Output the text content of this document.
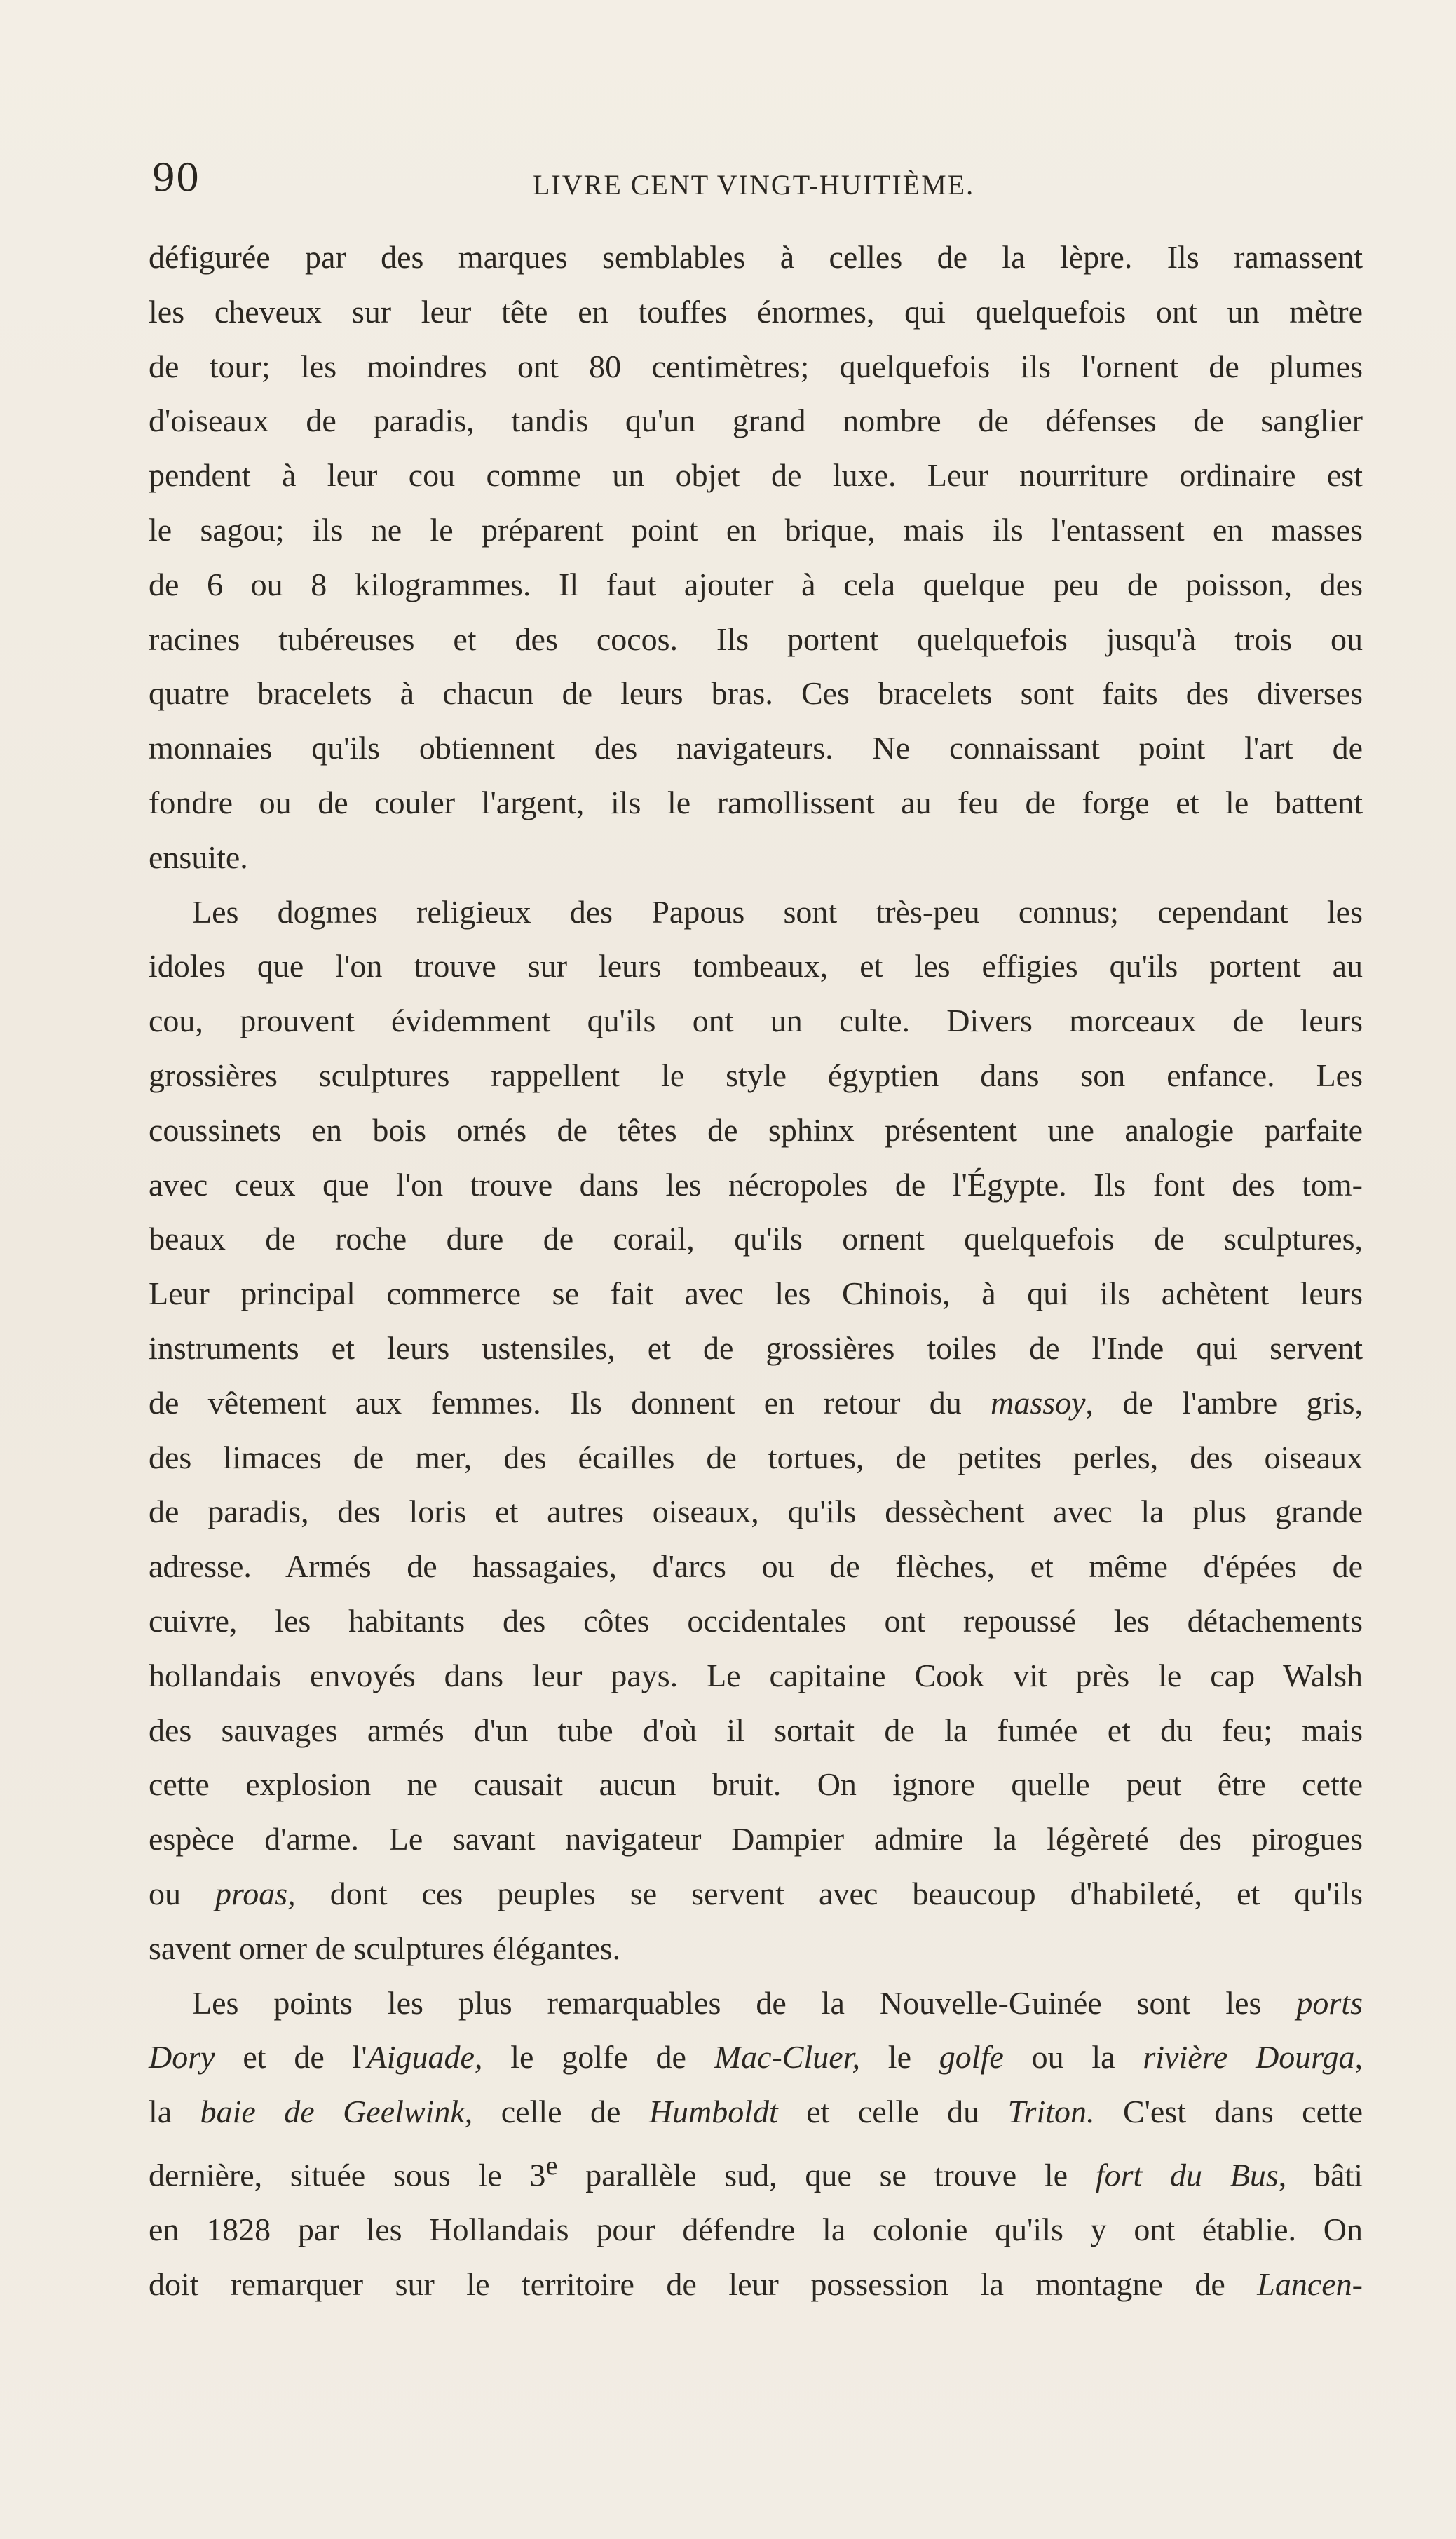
90	LIVRE CENT VINGT-HUITIÈME.
défigurée par des marques semblables à celles de la lèpre. Ils ramassent
les cheveux sur leur tête en touffes énormes, qui quelquefois ont un mètre
de tour; les moindres ont 80 centimètres; quelquefois ils l'ornent de plumes
d'oiseaux de paradis, tandis qu'un grand nombre de défenses de sanglier
pendent à leur cou comme un objet de luxe. Leur nourriture ordinaire est
le sagou; ils ne le préparent point en brique, mais ils l'entassent en masses
de 6 ou 8 kilogrammes. Il faut ajouter à cela quelque peu de poisson, des
racines tubéreuses et des cocos. Ils portent quelquefois jusqu'à trois ou
quatre bracelets à chacun de leurs bras. Ces bracelets sont faits des diverses
monnaies qu'ils obtiennent des navigateurs. Ne connaissant point l'art de
fondre ou de couler l'argent, ils le ramollissent au feu de forge et le battent
ensuite.
Les dogmes religieux des Papous sont très-peu connus; cependant les
idoles que l'on trouve sur leurs tombeaux, et les effigies qu'ils portent au
cou, prouvent évidemment qu'ils ont un culte. Divers morceaux de leurs
grossières sculptures rappellent le style égyptien dans son enfance. Les
coussinets en bois ornés de têtes de sphinx présentent une analogie parfaite
avec ceux que l'on trouve dans les nécropoles de l'Égypte. Ils font des tom-
beaux de roche dure de corail, qu'ils ornent quelquefois de sculptures,
Leur principal commerce se fait avec les Chinois, à qui ils achètent leurs
instruments et leurs ustensiles, et de grossières toiles de l'Inde qui servent
de vêtement aux femmes. Ils donnent en retour du massoy, de l'ambre gris,
des limaces de mer, des écailles de tortues, de petites perles, des oiseaux
de paradis, des loris et autres oiseaux, qu'ils dessèchent avec la plus grande
adresse. Armés de hassagaies, d'arcs ou de flèches, et même d'épées de
cuivre, les habitants des côtes occidentales ont repoussé les détachements
hollandais envoyés dans leur pays. Le capitaine Cook vit près le cap Walsh
des sauvages armés d'un tube d'où il sortait de la fumée et du feu; mais
cette explosion ne causait aucun bruit. On ignore quelle peut être cette
espèce d'arme. Le savant navigateur Dampier admire la légèreté des pirogues
ou proas, dont ces peuples se servent avec beaucoup d'habileté, et qu'ils
savent orner de sculptures élégantes.
Les points les plus remarquables de la Nouvelle-Guinée sont les ports
Dory et de l'Aiguade, le golfe de Mac-Cluer, le golfe ou la rivière Dourga,
la baie de Geelwink, celle de Humboldt et celle du Triton. C'est dans cette
dernière, située sous le 3e parallèle sud, que se trouve le fort du Bus, bâti
en 1828 par les Hollandais pour défendre la colonie qu'ils y ont établie. On
doit remarquer sur le territoire de leur possession la montagne de Lancen-
